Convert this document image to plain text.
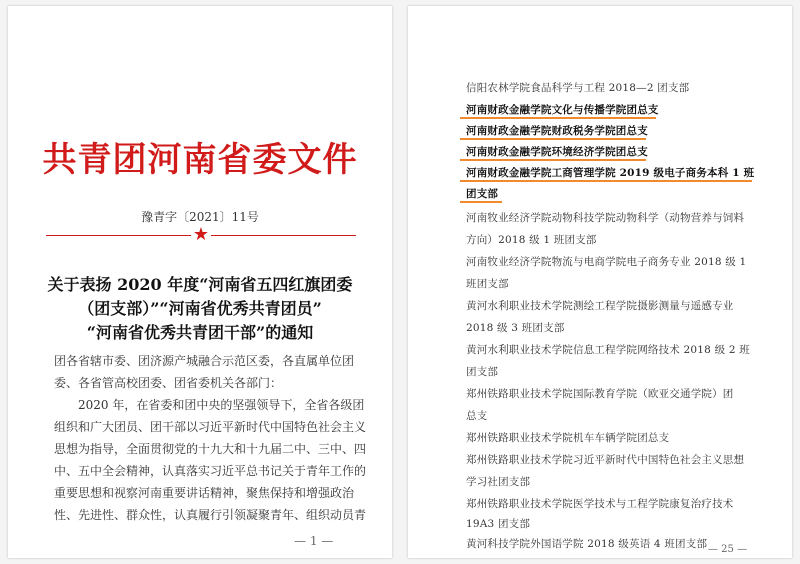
共青团河南省委文件
豫青字〔2021〕11号
★
关于表扬 2020 年度“河南省五四红旗团委
（团支部）”“河南省优秀共青团员”
“河南省优秀共青团干部”的通知
团各省辖市委、团济源产城融合示范区委，各直属单位团
委、各省管高校团委、团省委机关各部门：
2020 年，在省委和团中央的坚强领导下，全省各级团
组织和广大团员、团干部以习近平新时代中国特色社会主义
思想为指导，全面贯彻党的十九大和十九届二中、三中、四
中、五中全会精神，认真落实习近平总书记关于青年工作的
重要思想和视察河南重要讲话精神，聚焦保持和增强政治
性、先进性、群众性，认真履行引领凝聚青年、组织动员青
— 1 —
信阳农林学院食品科学与工程 2018—2 团支部
河南财政金融学院文化与传播学院团总支
河南财政金融学院财政税务学院团总支
河南财政金融学院环境经济学院团总支
河南财政金融学院工商管理学院 2019 级电子商务本科 1 班
团支部
河南牧业经济学院动物科技学院动物科学（动物营养与饲料
方向）2018 级 1 班团支部
河南牧业经济学院物流与电商学院电子商务专业 2018 级 1
班团支部
黄河水利职业技术学院测绘工程学院摄影测量与遥感专业
2018 级 3 班团支部
黄河水利职业技术学院信息工程学院网络技术 2018 级 2 班
团支部
郑州铁路职业技术学院国际教育学院（欧亚交通学院）团
总支
郑州铁路职业技术学院机车车辆学院团总支
郑州铁路职业技术学院习近平新时代中国特色社会主义思想
学习社团支部
郑州铁路职业技术学院医学技术与工程学院康复治疗技术
19A3 团支部
黄河科技学院外国语学院 2018 级英语 4 班团支部 — 25 —
